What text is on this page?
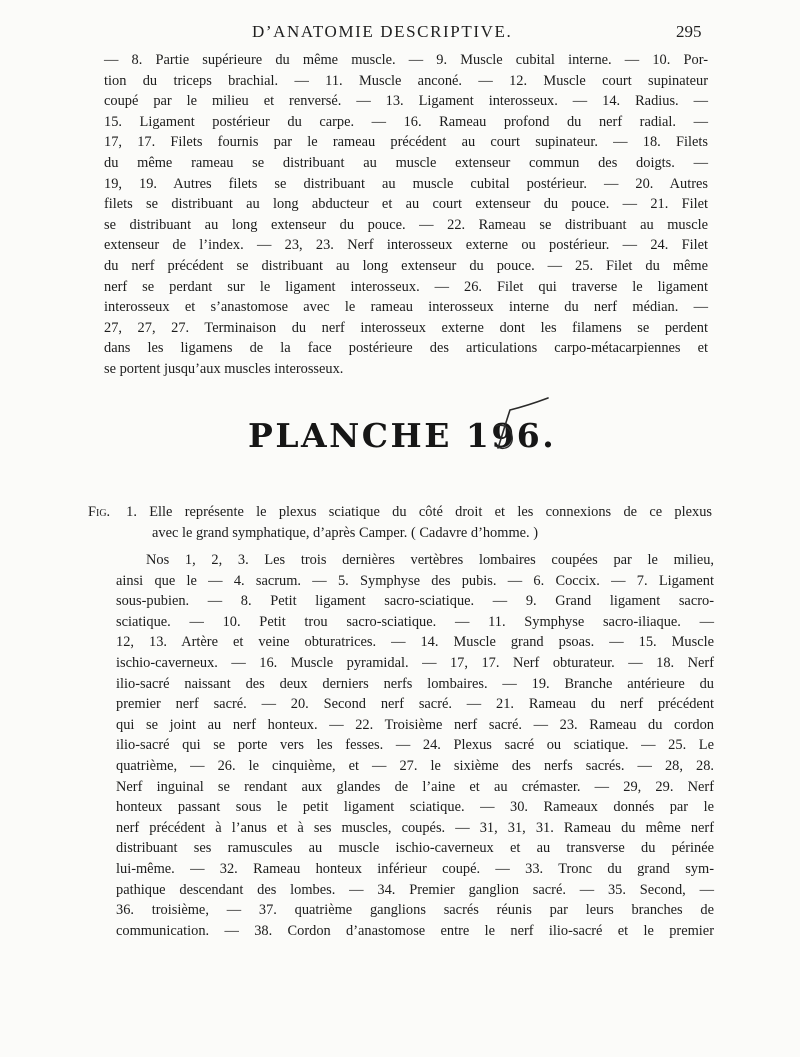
D’ANATOMIE DESCRIPTIVE.	295
— 8. Partie supérieure du même muscle. — 9. Muscle cubital interne. — 10. Por-
tion du triceps brachial. — 11. Muscle anconé. — 12. Muscle court supinateur
coupé par le milieu et renversé. — 13. Ligament interosseux. — 14. Radius. —
15. Ligament postérieur du carpe. — 16. Rameau profond du nerf radial. —
17, 17. Filets fournis par le rameau précédent au court supinateur. — 18. Filets
du même rameau se distribuant au muscle extenseur commun des doigts. —
19, 19. Autres filets se distribuant au muscle cubital postérieur. — 20. Autres
filets se distribuant au long abducteur et au court extenseur du pouce. — 21. Filet
se distribuant au long extenseur du pouce. — 22. Rameau se distribuant au muscle
extenseur de l’index. — 23, 23. Nerf interosseux externe ou postérieur. — 24. Filet
du nerf précédent se distribuant au long extenseur du pouce. — 25. Filet du même
nerf se perdant sur le ligament interosseux. — 26. Filet qui traverse le ligament
interosseux et s’anastomose avec le rameau interosseux interne du nerf médian. —
27, 27, 27. Terminaison du nerf interosseux externe dont les filamens se perdent
dans les ligamens de la face postérieure des articulations carpo-métacarpiennes et
se portent jusqu’aux muscles interosseux.
PLANCHE 196.
Fig. 1. Elle représente le plexus sciatique du côté droit et les connexions de ce plexus
avec le grand symphatique, d’après Camper. ( Cadavre d’homme. )
Nos 1, 2, 3. Les trois dernières vertèbres lombaires coupées par le milieu,
ainsi que le — 4. sacrum. — 5. Symphyse des pubis. — 6. Coccix. — 7. Ligament
sous-pubien. — 8. Petit ligament sacro-sciatique. — 9. Grand ligament sacro-
sciatique. — 10. Petit trou sacro-sciatique. — 11. Symphyse sacro-iliaque. —
12, 13. Artère et veine obturatrices. — 14. Muscle grand psoas. — 15. Muscle
ischio-caverneux. — 16. Muscle pyramidal. — 17, 17. Nerf obturateur. — 18. Nerf
ilio-sacré naissant des deux derniers nerfs lombaires. — 19. Branche antérieure du
premier nerf sacré. — 20. Second nerf sacré. — 21. Rameau du nerf précédent
qui se joint au nerf honteux. — 22. Troisième nerf sacré. — 23. Rameau du cordon
ilio-sacré qui se porte vers les fesses. — 24. Plexus sacré ou sciatique. — 25. Le
quatrième, — 26. le cinquième, et — 27. le sixième des nerfs sacrés. — 28, 28.
Nerf inguinal se rendant aux glandes de l’aine et au crémaster. — 29, 29. Nerf
honteux passant sous le petit ligament sciatique. — 30. Rameaux donnés par le
nerf précédent à l’anus et à ses muscles, coupés. — 31, 31, 31. Rameau du même nerf
distribuant ses ramuscules au muscle ischio-caverneux et au transverse du périnée
lui-même. — 32. Rameau honteux inférieur coupé. — 33. Tronc du grand sym-
pathique descendant des lombes. — 34. Premier ganglion sacré. — 35. Second, —
36. troisième, — 37. quatrième ganglions sacrés réunis par leurs branches de
communication. — 38. Cordon d’anastomose entre le nerf ilio-sacré et le premier
